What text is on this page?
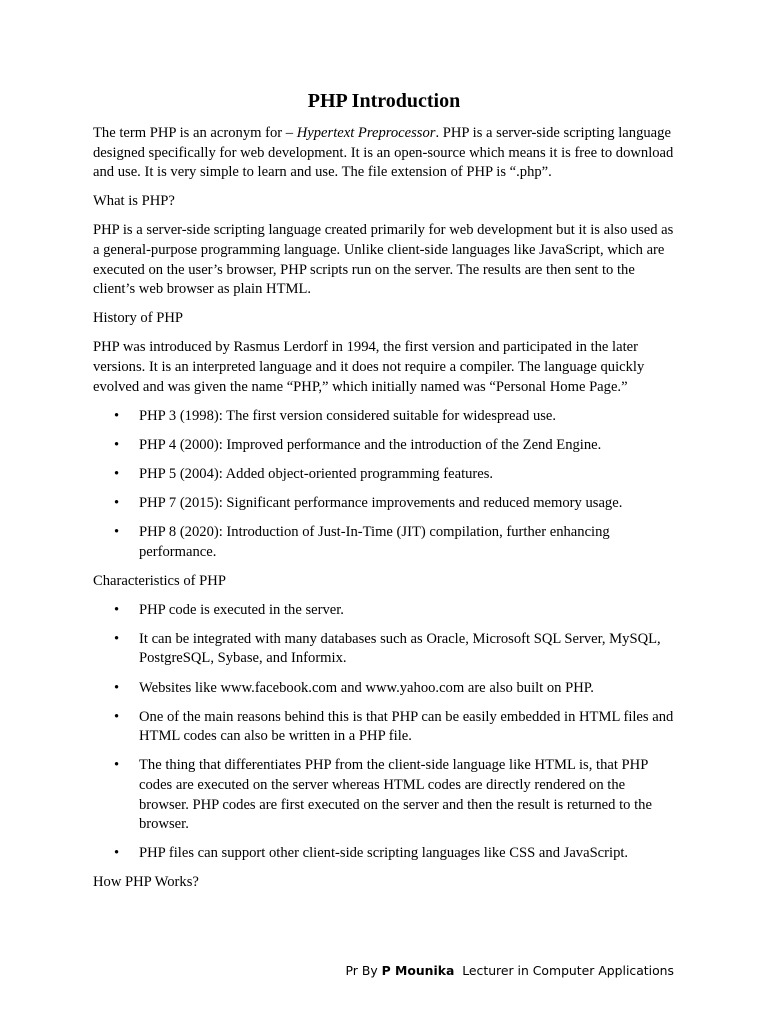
PHP Introduction

The term PHP is an acronym for – Hypertext Preprocessor. PHP is a server-side scripting language designed specifically for web development. It is an open-source which means it is free to download and use. It is very simple to learn and use. The file extension of PHP is “.php”.

What is PHP?

PHP is a server-side scripting language created primarily for web development but it is also used as a general-purpose programming language. Unlike client-side languages like JavaScript, which are executed on the user’s browser, PHP scripts run on the server. The results are then sent to the client’s web browser as plain HTML.

History of PHP

PHP was introduced by Rasmus Lerdorf in 1994, the first version and participated in the later versions. It is an interpreted language and it does not require a compiler. The language quickly evolved and was given the name “PHP,” which initially named was “Personal Home Page.”

• PHP 3 (1998): The first version considered suitable for widespread use.
• PHP 4 (2000): Improved performance and the introduction of the Zend Engine.
• PHP 5 (2004): Added object-oriented programming features.
• PHP 7 (2015): Significant performance improvements and reduced memory usage.
• PHP 8 (2020): Introduction of Just-In-Time (JIT) compilation, further enhancing performance.

Characteristics of PHP

• PHP code is executed in the server.
• It can be integrated with many databases such as Oracle, Microsoft SQL Server, MySQL, PostgreSQL, Sybase, and Informix.
• Websites like www.facebook.com and www.yahoo.com are also built on PHP.
• One of the main reasons behind this is that PHP can be easily embedded in HTML files and HTML codes can also be written in a PHP file.
• The thing that differentiates PHP from the client-side language like HTML is, that PHP codes are executed on the server whereas HTML codes are directly rendered on the browser. PHP codes are first executed on the server and then the result is returned to the browser.
• PHP files can support other client-side scripting languages like CSS and JavaScript.

How PHP Works?

Pr By P Mounika  Lecturer in Computer Applications
